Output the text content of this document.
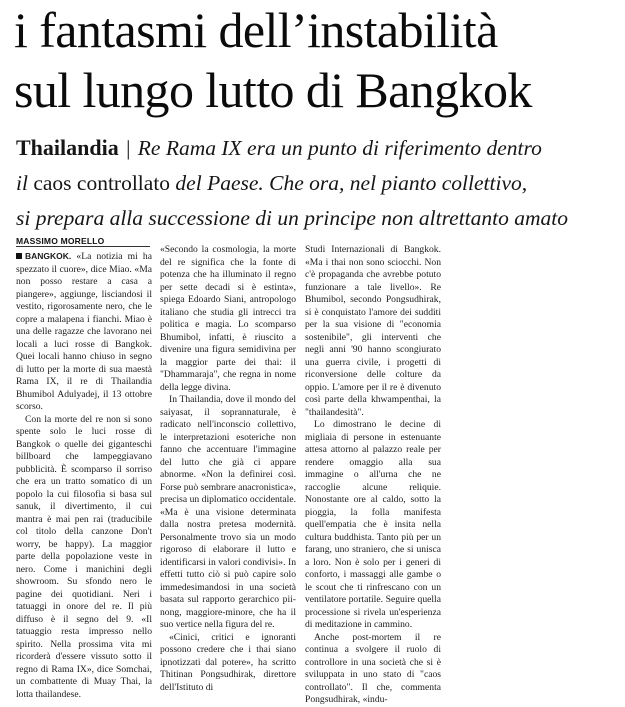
i fantasmi dell’instabilità
sul lungo lutto di Bangkok
Thailandia | Re Rama IX era un punto di riferimento dentro
il caos controllato del Paese. Che ora, nel pianto collettivo,
si prepara alla successione di un principe non altrettanto amato
MASSIMO MORELLO

BANGKOK. «La notizia mi ha spezzato il cuore», dice Miao. «Ma non posso restare a casa a piangere», aggiunge, lisciandosi il vestito, rigorosamente nero, che le copre a malapena i fianchi. Miao è una delle ragazze che lavorano nei locali a luci rosse di Bangkok. Quei locali hanno chiuso in segno di lutto per la morte di sua maestà Rama IX, il re di Thailandia Bhumibol Adulyadej, il 13 ottobre scorso.

Con la morte del re non si sono spente solo le luci rosse di Bangkok o quelle dei giganteschi billboard che lampeggiavano pubblicità. È scomparso il sorriso che era un tratto somatico di un popolo la cui filosofia si basa sul sanuk, il divertimento, il cui mantra è mai pen rai (traducibile col titolo della canzone Don't worry, be happy). La maggior parte della popolazione veste in nero. Come i manichini degli showroom. Su sfondo nero le pagine dei quotidiani. Neri i tatuaggi in onore del re. Il più diffuso è il segno del 9. «Il tatuaggio resta impresso nello spirito. Nella prossima vita mi ricorderà d'essere vissuto sotto il regno di Rama IX», dice Somchai, un combattente di Muay Thai, la lotta thailandese.

«Secondo la cosmologia, la morte del re significa che la fonte di potenza che ha illuminato il regno per sette decadi si è estinta», spiega Edoardo Siani, antropologo italiano che studia gli intrecci tra politica e magia. Lo scomparso Bhumibol, infatti, è riuscito a divenire una figura semidivina per la maggior parte dei thai: il "Dhammaraja", che regna in nome della legge divina.

In Thailandia, dove il mondo del saiyasat, il soprannaturale, è radicato nell'inconscio collettivo, le interpretazioni esoteriche non fanno che accentuare l'immagine del lutto che già ci appare abnorme. «Non la definirei così. Forse può sembrare anacronistica», precisa un diplomatico occidentale. «Ma è una visione determinata dalla nostra pretesa modernità. Personalmente trovo sia un modo rigoroso di elaborare il lutto e identificarsi in valori condivisi». In effetti tutto ciò si può capire solo immedesimandosi in una società basata sul rapporto gerarchico pii-nong, maggiore-minore, che ha il suo vertice nella figura del re.

«Cinici, critici e ignoranti possono credere che i thai siano ipnotizzati dal potere», ha scritto Thitinan Pongsudhirak, direttore dell'Istituto di

Studi Internazionali di Bangkok. «Ma i thai non sono sciocchi. Non c'è propaganda che avrebbe potuto funzionare a tale livello». Re Bhumibol, secondo Pongsudhirak, si è conquistato l'amore dei sudditi per la sua visione di "economia sostenibile", gli interventi che negli anni '90 hanno scongiurato una guerra civile, i progetti di riconversione delle colture da oppio. L'amore per il re è divenuto così parte della khwampenthai, la "thailandesità".

Lo dimostrano le decine di migliaia di persone in estenuante attesa attorno al palazzo reale per rendere omaggio alla sua immagine o all'urna che ne raccoglie alcune reliquie. Nonostante ore al caldo, sotto la pioggia, la folla manifesta quell'empatia che è insita nella cultura buddhista. Tanto più per un farang, uno straniero, che si unisca a loro. Non è solo per i generi di conforto, i massaggi alle gambe o le scout che ti rinfrescano con un ventilatore portatile. Seguire quella processione si rivela un'esperienza di meditazione in cammino.

Anche post-mortem il re continua a svolgere il ruolo di controllore in una società che si è sviluppata in uno stato di "caos controllato". Il che, commenta Pongsudhirak, «indu-
